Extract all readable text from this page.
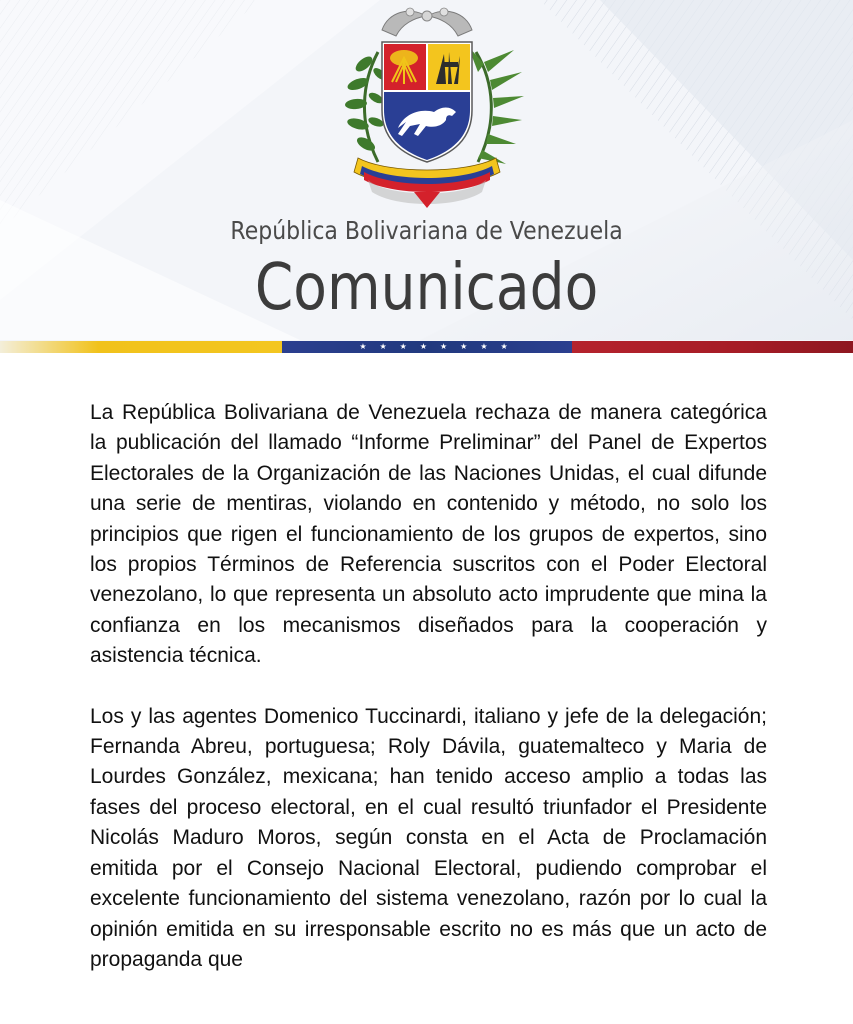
República Bolivariana de Venezuela
Comunicado
★★★★★★★★

La República Bolivariana de Venezuela rechaza de manera categórica la publicación del llamado “Informe Preliminar” del Panel de Expertos Electorales de la Organización de las Naciones Unidas, el cual difunde una serie de mentiras, violando en contenido y método, no solo los principios que rigen el funcionamiento de los grupos de expertos, sino los propios Términos de Referencia suscritos con el Poder Electoral venezolano, lo que representa un absoluto acto imprudente que mina la confianza en los mecanismos diseñados para la cooperación y asistencia técnica.

Los y las agentes Domenico Tuccinardi, italiano y jefe de la delegación; Fernanda Abreu, portuguesa; Roly Dávila, guatemalteco y Maria de Lourdes González, mexicana; han tenido acceso amplio a todas las fases del proceso electoral, en el cual resultó triunfador el Presidente Nicolás Maduro Moros, según consta en el Acta de Proclamación emitida por el Consejo Nacional Electoral, pudiendo comprobar el excelente funcionamiento del sistema venezolano, razón por lo cual la opinión emitida en su irresponsable escrito no es más que un acto de propaganda que
